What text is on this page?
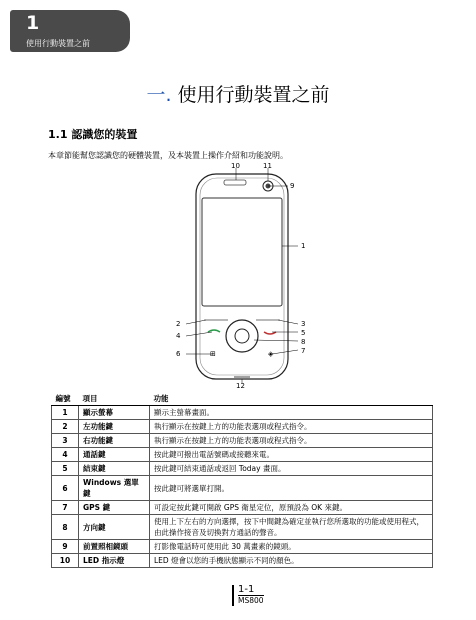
1
使用行動裝置之前
一. 使用行動裝置之前
1.1 認識您的裝置
本章節能幫您認識您的硬體裝置，及本裝置上操作介紹和功能說明。
⊞	◈
10	11
9
1
2
4
6
3
5
8
7
12
編號	項目	功能
1	顯示螢幕	顯示主螢幕畫面。
2	左功能鍵	執行顯示在按鍵上方的功能表選項或程式指令。
3	右功能鍵	執行顯示在按鍵上方的功能表選項或程式指令。
4	通話鍵	按此鍵可撥出電話號碼或接聽來電。
5	結束鍵	按此鍵可結束通話或返回 Today 畫面。
6	Windows 選單鍵	按此鍵可將選單打開。
7	GPS 鍵	可設定按此鍵可開啟 GPS 衛星定位，原預設為 OK 來鍵。
8	方向鍵	使用上下左右的方向選擇，按下中間鍵為確定並執行您所選取的功能或使用程式，由此操作接音及切換對方通話的聲音。
9	前置照相鏡頭	打影像電話時可使用此 30 萬畫素的鏡頭。
10	LED 指示燈	LED 燈會以您的手機狀態顯示不同的顏色。
1-1
MS800
